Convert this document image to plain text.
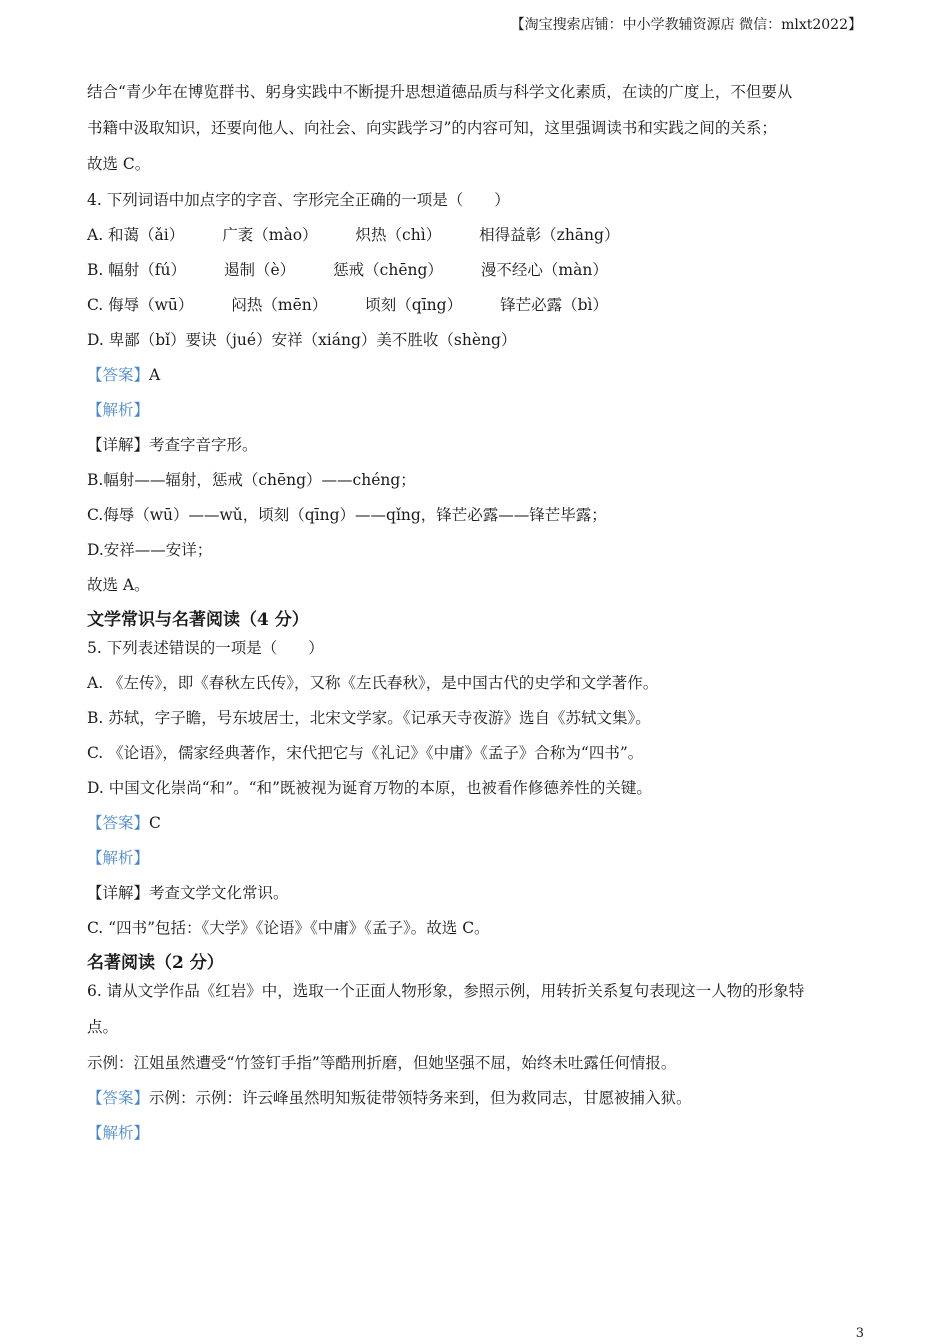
【淘宝搜索店铺：中小学教辅资源店 微信：mlxt2022】
结合“青少年在博览群书、躬身实践中不断提升思想道德品质与科学文化素质，在读的广度上，不但要从
书籍中汲取知识，还要向他人、向社会、向实践学习”的内容可知，这里强调读书和实践之间的关系；
故选 C。
4. 下列词语中加点字的字音、字形完全正确的一项是（　　）
A. 和蔼（ǎi） 广袤（mào） 炽热（chì） 相得益彰（zhāng）
B. 幅射（fú） 遏制（è） 惩戒（chēng） 漫不经心（màn）
C. 侮辱（wū） 闷热（mēn） 顷刻（qīng） 锋芒必露（bì）
D. 卑鄙（bǐ）要诀（jué）安祥（xiáng）美不胜收（shèng）
【答案】A
【解析】
【详解】考查字音字形。
B.幅射——辐射，惩戒（chēng）——chéng；
C.侮辱（wū）——wǔ，顷刻（qīng）——qǐng，锋芒必露——锋芒毕露；
D.安祥——安详；
故选 A。
文学常识与名著阅读（4 分）
5. 下列表述错误的一项是（　　）
A. 《左传》，即《春秋左氏传》，又称《左氏春秋》，是中国古代的史学和文学著作。
B. 苏轼，字子瞻，号东坡居士，北宋文学家。《记承天寺夜游》选自《苏轼文集》。
C. 《论语》，儒家经典著作，宋代把它与《礼记》《中庸》《孟子》合称为“四书”。
D. 中国文化崇尚“和”。“和”既被视为诞育万物的本原，也被看作修德养性的关键。
【答案】C
【解析】
【详解】考查文学文化常识。
C. “四书”包括：《大学》《论语》《中庸》《孟子》。故选 C。
名著阅读（2 分）
6. 请从文学作品《红岩》中，选取一个正面人物形象，参照示例，用转折关系复句表现这一人物的形象特
点。
示例：江姐虽然遭受“竹签钉手指”等酷刑折磨，但她坚强不屈，始终未吐露任何情报。
【答案】示例：示例：许云峰虽然明知叛徒带领特务来到，但为救同志，甘愿被捕入狱。
【解析】
3
